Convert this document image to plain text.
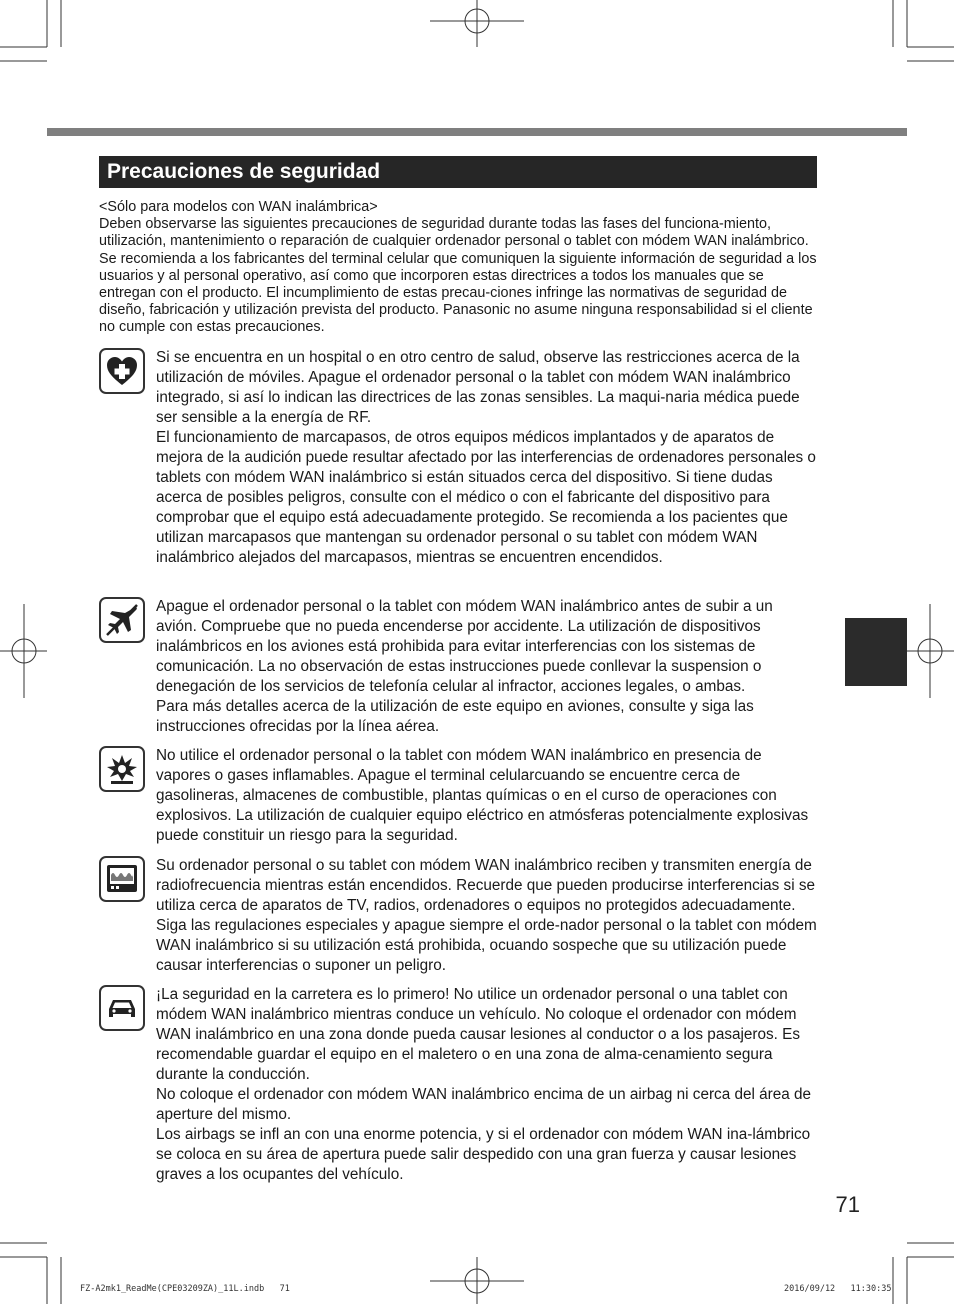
Precauciones de seguridad

<Sólo para modelos con WAN inalámbrica>

Deben observarse las siguientes precauciones de seguridad durante todas las fases del funciona-miento, utilización, mantenimiento o reparación de cualquier ordenador personal o tablet con módem WAN inalámbrico. Se recomienda a los fabricantes del terminal celular que comuniquen la siguiente información de seguridad a los usuarios y al personal operativo, así como que incorporen estas directrices a todos los manuales que se entregan con el producto. El incumplimiento de estas precau-ciones infringe las normativas de seguridad de diseño, fabricación y utilización prevista del producto. Panasonic no asume ninguna responsabilidad si el cliente no cumple con estas precauciones.

Si se encuentra en un hospital o en otro centro de salud, observe las restricciones acerca de la utilización de móviles. Apague el ordenador personal o la tablet con módem WAN inalámbrico integrado, si así lo indican las directrices de las zonas sensibles. La maqui-naria médica puede ser sensible a la energía de RF.

El funcionamiento de marcapasos, de otros equipos médicos implantados y de aparatos de mejora de la audición puede resultar afectado por las interferencias de ordenadores personales o tablets con módem WAN inalámbrico si están situados cerca del dispositivo. Si tiene dudas acerca de posibles peligros, consulte con el médico o con el fabricante del dispositivo para comprobar que el equipo está adecuadamente protegido. Se recomienda a los pacientes que utilizan marcapasos que mantengan su ordenador personal o su tablet con módem WAN inalámbrico alejados del marcapasos, mientras se encuentren encendidos.

Apague el ordenador personal o la tablet con módem WAN inalámbrico antes de subir a un avión. Compruebe que no pueda encenderse por accidente. La utilización de dispositivos inalámbricos en los aviones está prohibida para evitar interferencias con los sistemas de comunicación. La no observación de estas instrucciones puede conllevar la suspension o denegación de los servicios de telefonía celular al infractor, acciones legales, o ambas.

Para más detalles acerca de la utilización de este equipo en aviones, consulte y siga las instrucciones ofrecidas por la línea aérea.

No utilice el ordenador personal o la tablet con módem WAN inalámbrico en presencia de vapores o gases inflamables. Apague el terminal celularcuando se encuentre cerca de gasolineras, almacenes de combustible, plantas químicas o en el curso de operaciones con explosivos. La utilización de cualquier equipo eléctrico en atmósferas potencialmente explosivas puede constituir un riesgo para la seguridad.

Su ordenador personal o su tablet con módem WAN inalámbrico reciben y transmiten energía de radiofrecuencia mientras están encendidos. Recuerde que pueden producirse interferencias si se utiliza cerca de aparatos de TV, radios, ordenadores o equipos no protegidos adecuadamente. Siga las regulaciones especiales y apague siempre el orde-nador personal o la tablet con módem WAN inalámbrico si su utilización está prohibida, ocuando sospeche que su utilización puede causar interferencias o suponer un peligro.

¡La seguridad en la carretera es lo primero! No utilice un ordenador personal o una tablet con módem WAN inalámbrico mientras conduce un vehículo. No coloque el ordenador con módem WAN inalámbrico en una zona donde pueda causar lesiones al conductor o a los pasajeros. Es recomendable guardar el equipo en el maletero o en una zona de alma-cenamiento segura durante la conducción.

No coloque el ordenador con módem WAN inalámbrico encima de un airbag ni cerca del área de aperture del mismo.

Los airbags se infl an con una enorme potencia, y si el ordenador con módem WAN ina-lámbrico se coloca en su área de apertura puede salir despedido con una gran fuerza y causar lesiones graves a los ocupantes del vehículo.

71
FZ-A2mk1_ReadMe(CPE03209ZA)_11L.indb   71	2016/09/12   11:30:35
